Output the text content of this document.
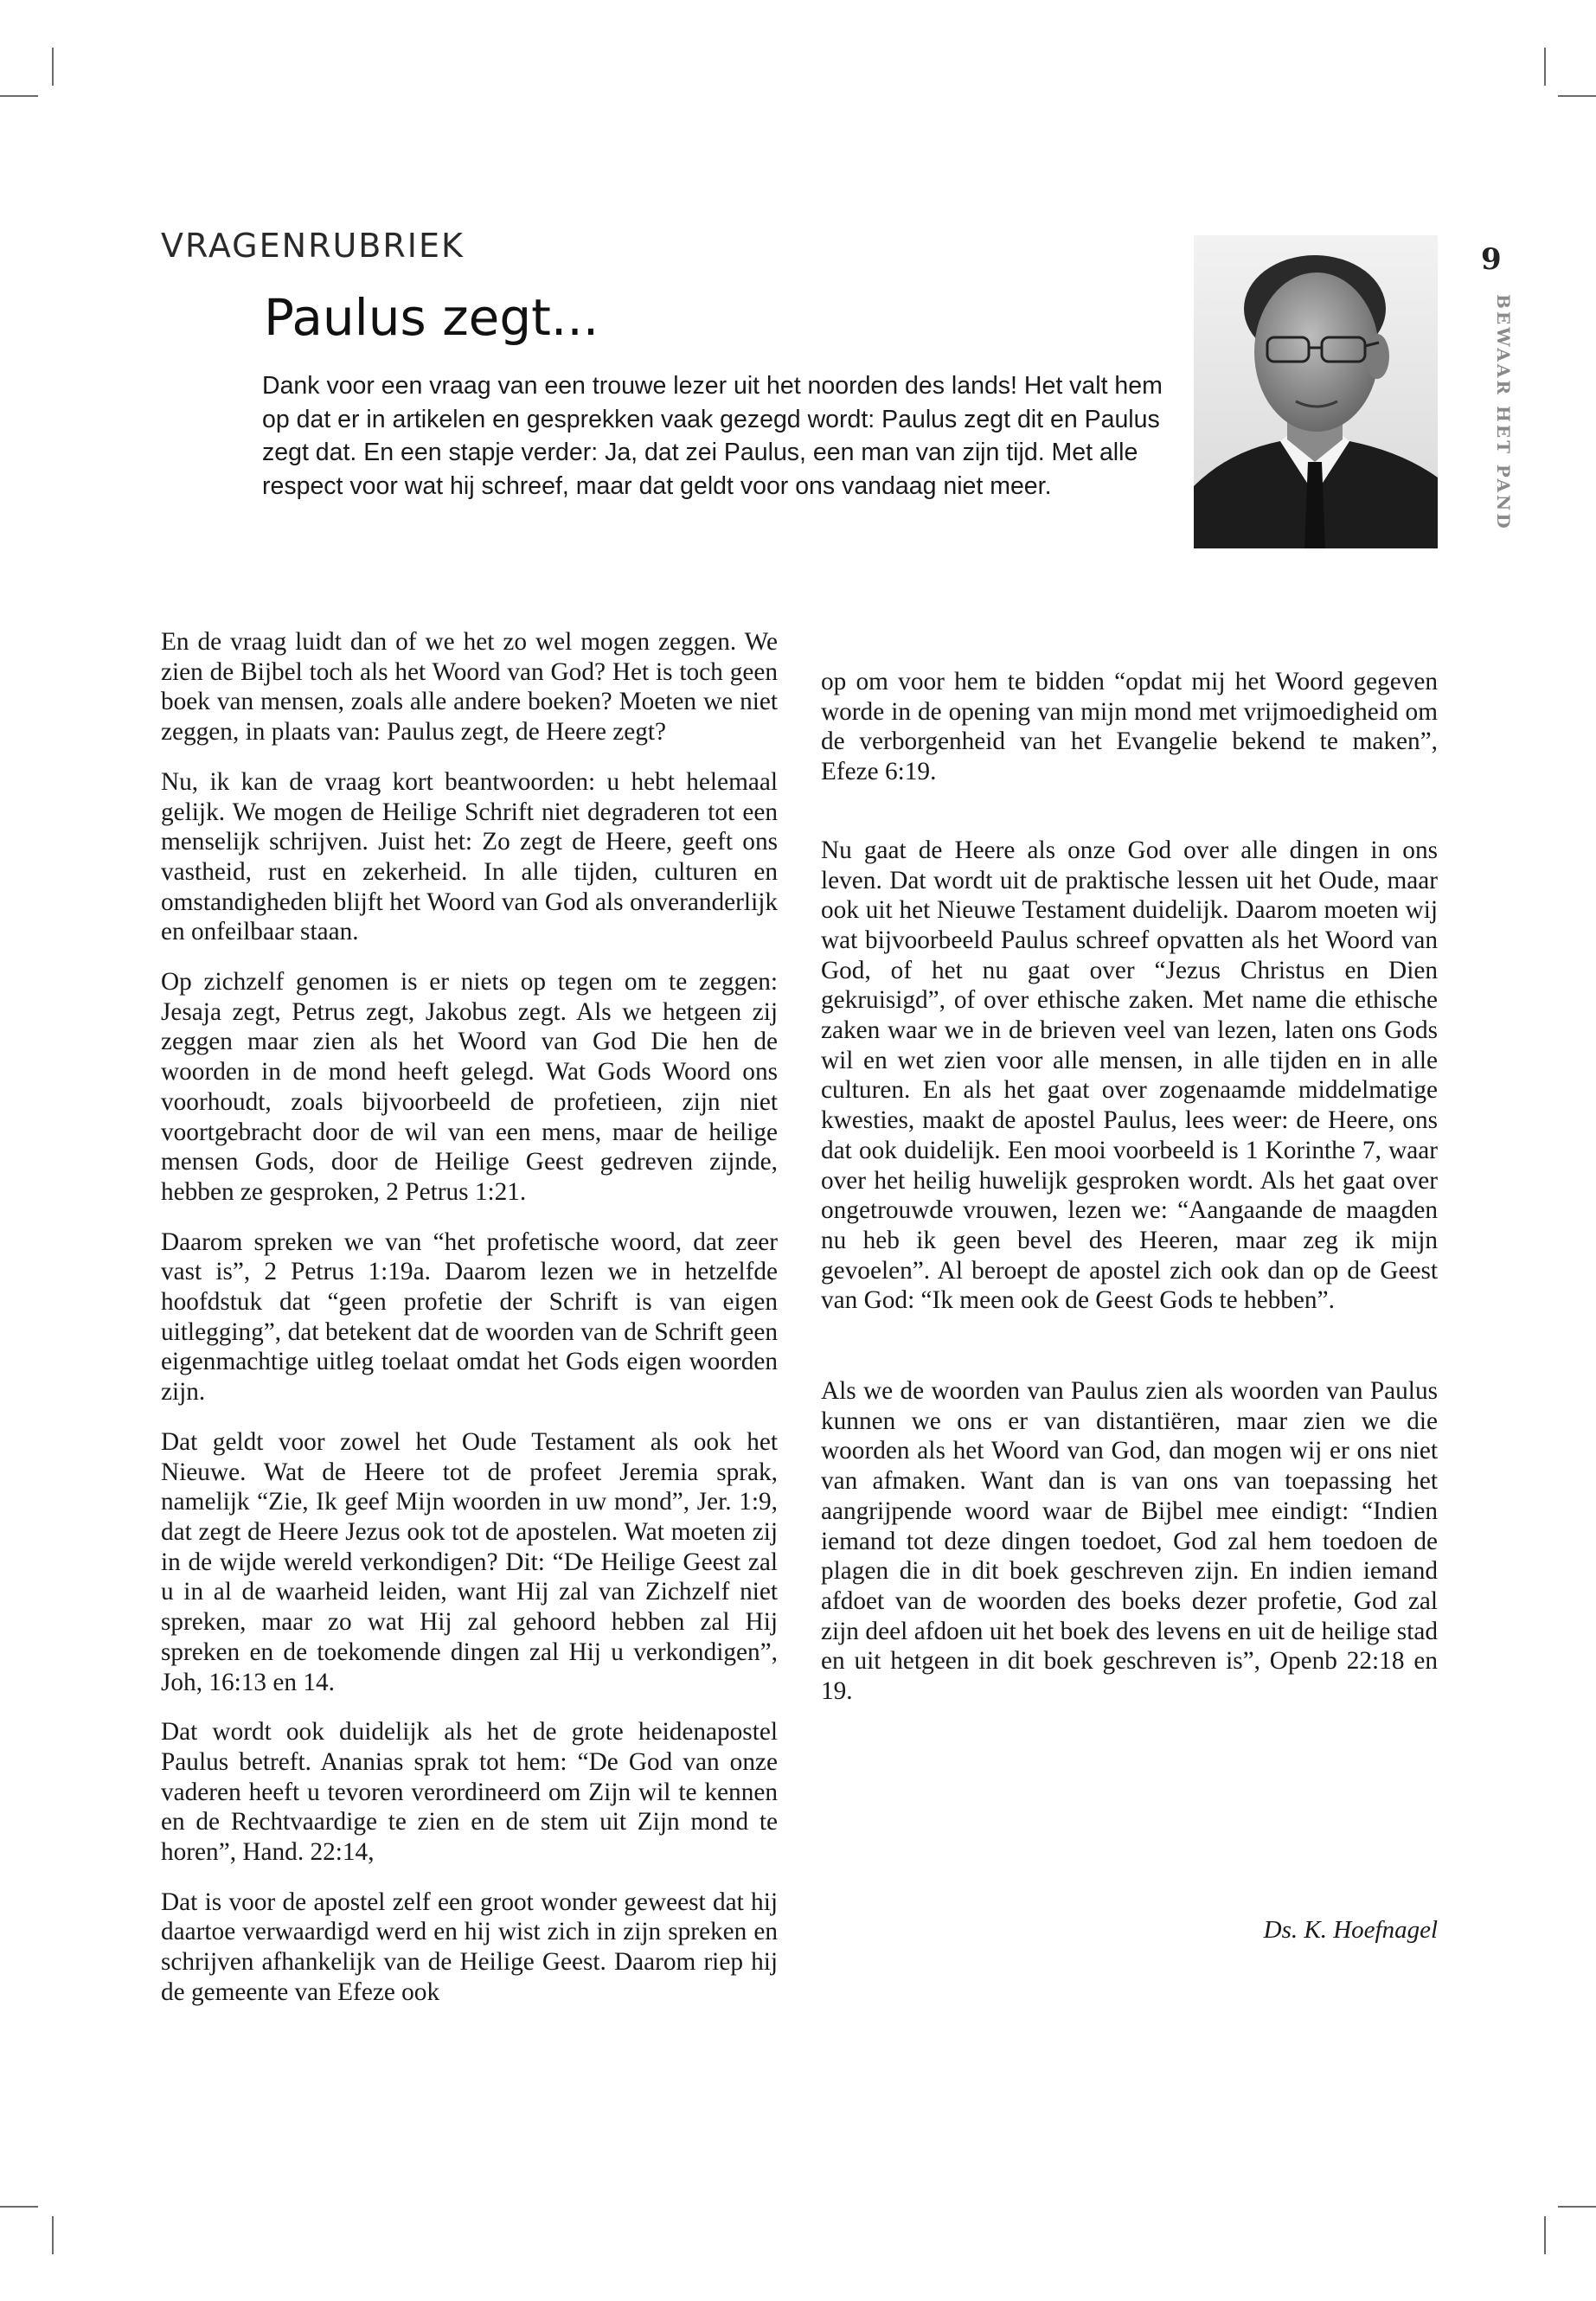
VRAGENRUBRIEK
Paulus zegt...

Dank voor een vraag van een trouwe lezer uit het noorden des lands! Het valt hem op dat er in artikelen en gesprekken vaak gezegd wordt: Paulus zegt dit en Paulus zegt dat. En een stapje verder: Ja, dat zei Paulus, een man van zijn tijd. Met alle respect voor wat hij schreef, maar dat geldt voor ons vandaag niet meer.

9
BEWAAR HET PAND

En de vraag luidt dan of we het zo wel mogen zeggen. We zien de Bijbel toch als het Woord van God? Het is toch geen boek van mensen, zoals alle andere boeken? Moeten we niet zeggen, in plaats van: Paulus zegt, de Heere zegt?

Nu, ik kan de vraag kort beantwoorden: u hebt helemaal gelijk. We mogen de Heilige Schrift niet degraderen tot een menselijk schrijven. Juist het: Zo zegt de Heere, geeft ons vastheid, rust en zekerheid. In alle tijden, culturen en omstandigheden blijft het Woord van God als onveranderlijk en onfeilbaar staan.

Op zichzelf genomen is er niets op tegen om te zeggen: Jesaja zegt, Petrus zegt, Jakobus zegt. Als we hetgeen zij zeggen maar zien als het Woord van God Die hen de woorden in de mond heeft gelegd. Wat Gods Woord ons voorhoudt, zoals bijvoorbeeld de profetieen, zijn niet voortgebracht door de wil van een mens, maar de heilige mensen Gods, door de Heilige Geest gedreven zijnde, hebben ze gesproken, 2 Petrus 1:21.

Daarom spreken we van “het profetische woord, dat zeer vast is”, 2 Petrus 1:19a. Daarom lezen we in hetzelfde hoofdstuk dat “geen profetie der Schrift is van eigen uitlegging”, dat betekent dat de woorden van de Schrift geen eigenmachtige uitleg toelaat omdat het Gods eigen woorden zijn.

Dat geldt voor zowel het Oude Testament als ook het Nieuwe. Wat de Heere tot de profeet Jeremia sprak, namelijk “Zie, Ik geef Mijn woorden in uw mond”, Jer. 1:9, dat zegt de Heere Jezus ook tot de apostelen. Wat moeten zij in de wijde wereld verkondigen? Dit: “De Heilige Geest zal u in al de waarheid leiden, want Hij zal van Zichzelf niet spreken, maar zo wat Hij zal gehoord hebben zal Hij spreken en de toekomende dingen zal Hij u verkondigen”, Joh, 16:13 en 14.

Dat wordt ook duidelijk als het de grote heidenapostel Paulus betreft. Ananias sprak tot hem: “De God van onze vaderen heeft u tevoren verordineerd om Zijn wil te kennen en de Rechtvaardige te zien en de stem uit Zijn mond te horen”, Hand. 22:14,

Dat is voor de apostel zelf een groot wonder geweest dat hij daartoe verwaardigd werd en hij wist zich in zijn spreken en schrijven afhankelijk van de Heilige Geest. Daarom riep hij de gemeente van Efeze ook

op om voor hem te bidden “opdat mij het Woord gegeven worde in de opening van mijn mond met vrijmoedigheid om de verborgenheid van het Evangelie bekend te maken”, Efeze 6:19.

Nu gaat de Heere als onze God over alle dingen in ons leven. Dat wordt uit de praktische lessen uit het Oude, maar ook uit het Nieuwe Testament duidelijk. Daarom moeten wij wat bijvoorbeeld Paulus schreef opvatten als het Woord van God, of het nu gaat over “Jezus Christus en Dien gekruisigd”, of over ethische zaken. Met name die ethische zaken waar we in de brieven veel van lezen, laten ons Gods wil en wet zien voor alle mensen, in alle tijden en in alle culturen. En als het gaat over zogenaamde middelmatige kwesties, maakt de apostel Paulus, lees weer: de Heere, ons dat ook duidelijk. Een mooi voorbeeld is 1 Korinthe 7, waar over het heilig huwelijk gesproken wordt. Als het gaat over ongetrouwde vrouwen, lezen we: “Aangaande de maagden nu heb ik geen bevel des Heeren, maar zeg ik mijn gevoelen”. Al beroept de apostel zich ook dan op de Geest van God: “Ik meen ook de Geest Gods te hebben”.

Als we de woorden van Paulus zien als woorden van Paulus kunnen we ons er van distantiëren, maar zien we die woorden als het Woord van God, dan mogen wij er ons niet van afmaken. Want dan is van ons van toepassing het aangrijpende woord waar de Bijbel mee eindigt: “Indien iemand tot deze dingen toedoet, God zal hem toedoen de plagen die in dit boek geschreven zijn. En indien iemand afdoet van de woorden des boeks dezer profetie, God zal zijn deel afdoen uit het boek des levens en uit de heilige stad en uit hetgeen in dit boek geschreven is”, Openb 22:18 en 19.

Ds. K. Hoefnagel
